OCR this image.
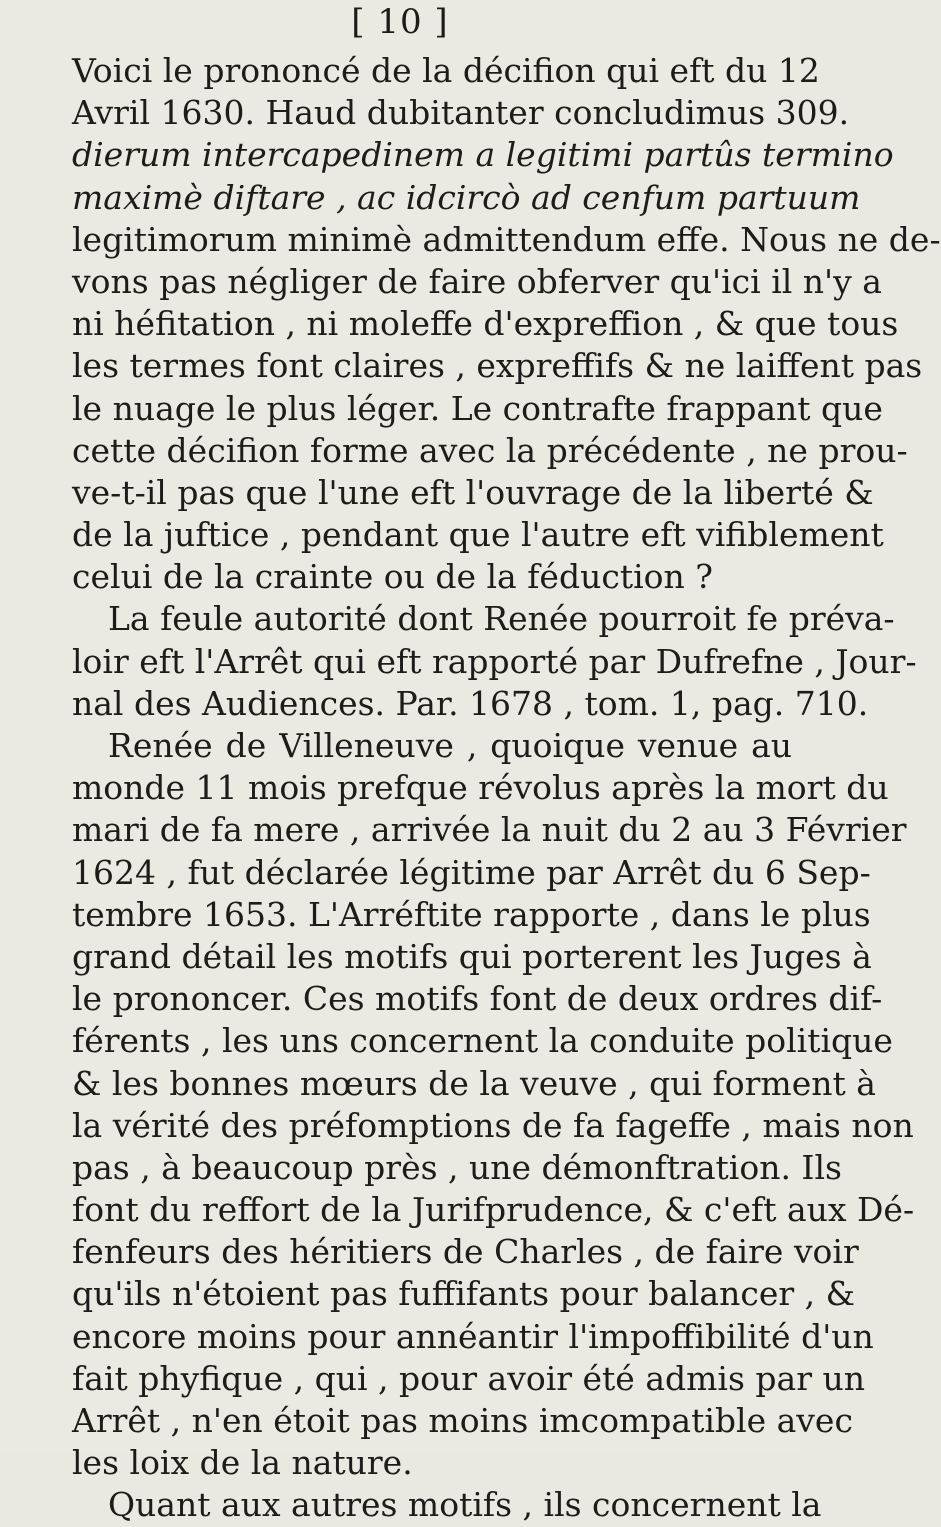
[ 10 ]
Voici le prononcé de la décifion qui eft du 12
Avril 1630. Haud dubitanter concludimus 309.
dierum intercapedinem a legitimi partûs termino
maximè diftare , ac idcircò ad cenfum partuum
legitimorum minimè admittendum effe. Nous ne de-
vons pas négliger de faire obferver qu'ici il n'y a
ni héfitation , ni moleffe d'expreffion , & que tous
les termes font claires , expreffifs & ne laiffent pas
le nuage le plus léger. Le contrafte frappant que
cette décifion forme avec la précédente , ne prou-
ve-t-il pas que l'une eft l'ouvrage de la liberté &
de la juftice , pendant que l'autre eft vifiblement
celui de la crainte ou de la féduction ?
La feule autorité dont Renée pourroit fe préva-
loir eft l'Arrêt qui eft rapporté par Dufrefne , Jour-
nal des Audiences. Par. 1678 , tom. 1, pag. 710.
Renée de Villeneuve , quoique venue au
monde 11 mois prefque révolus après la mort du
mari de fa mere , arrivée la nuit du 2 au 3 Février
1624 , fut déclarée légitime par Arrêt du 6 Sep-
tembre 1653. L'Arréftite rapporte , dans le plus
grand détail les motifs qui porterent les Juges à
le prononcer. Ces motifs font de deux ordres dif-
férents , les uns concernent la conduite politique
& les bonnes mœurs de la veuve , qui forment à
la vérité des préfomptions de fa fageffe , mais non
pas , à beaucoup près , une démonftration. Ils
font du reffort de la Jurifprudence, & c'eft aux Dé-
fenfeurs des héritiers de Charles , de faire voir
qu'ils n'étoient pas fuffifants pour balancer , &
encore moins pour annéantir l'impoffibilité d'un
fait phyfique , qui , pour avoir été admis par un
Arrêt , n'en étoit pas moins imcompatible avec
les loix de la nature.
Quant aux autres motifs , ils concernent la
